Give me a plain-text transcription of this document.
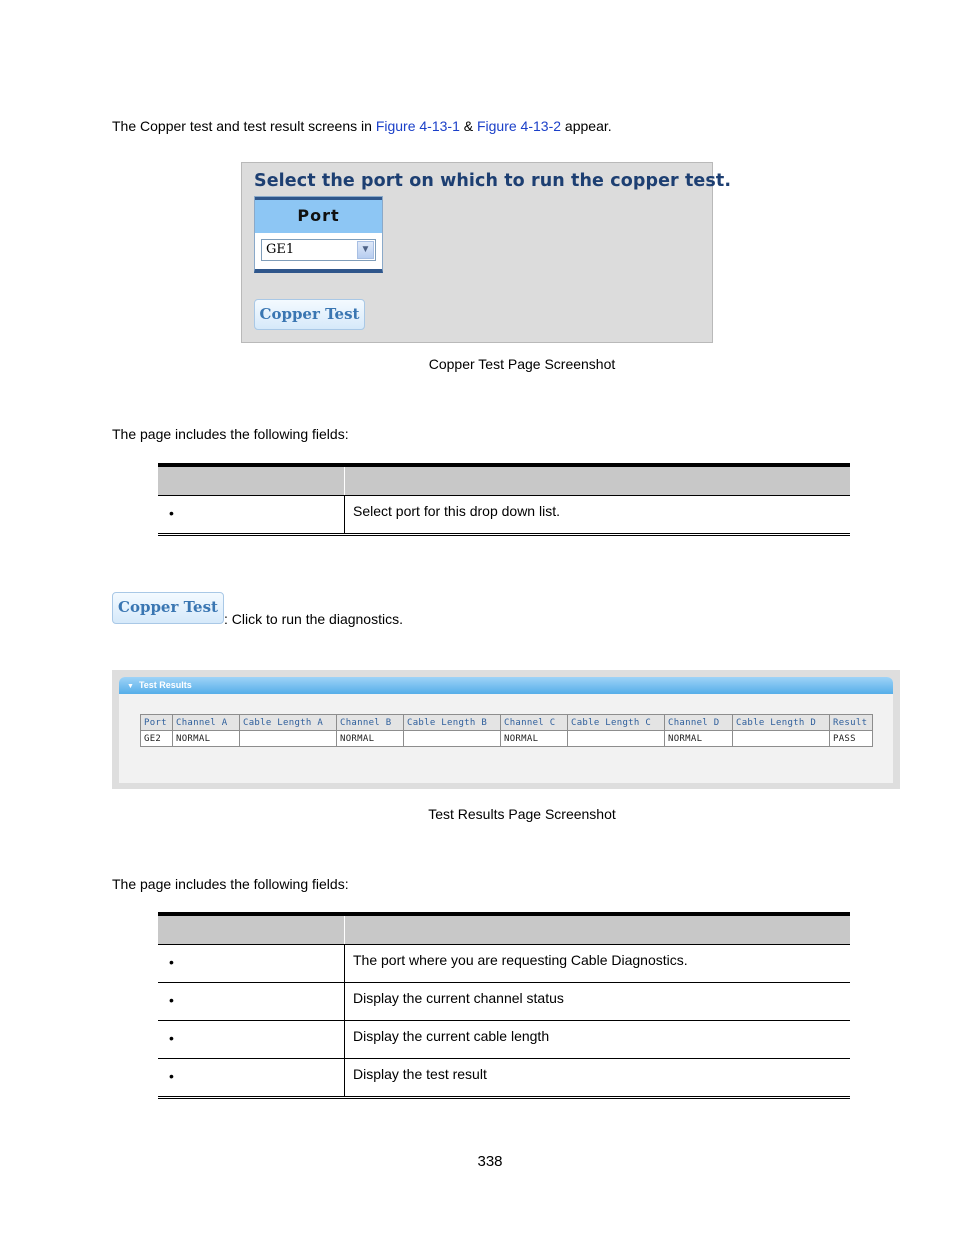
The Copper test and test result screens in Figure 4-13-1 & Figure 4-13-2 appear.
Select the port on which to run the copper test.
Port
GE1	▼
Copper Test
Copper Test Page Screenshot
The page includes the following fields:
•	Select port for this drop down list.
Copper Test
: Click to run the diagnostics.
▼ Test Results
Port	Channel A	Cable Length A	Channel B	Cable Length B	Channel C	Cable Length C	Channel D	Cable Length D	Result
GE2	NORMAL		NORMAL		NORMAL		NORMAL		PASS
Test Results Page Screenshot
The page includes the following fields:
•	The port where you are requesting Cable Diagnostics.
•	Display the current channel status
•	Display the current cable length
•	Display the test result
338
